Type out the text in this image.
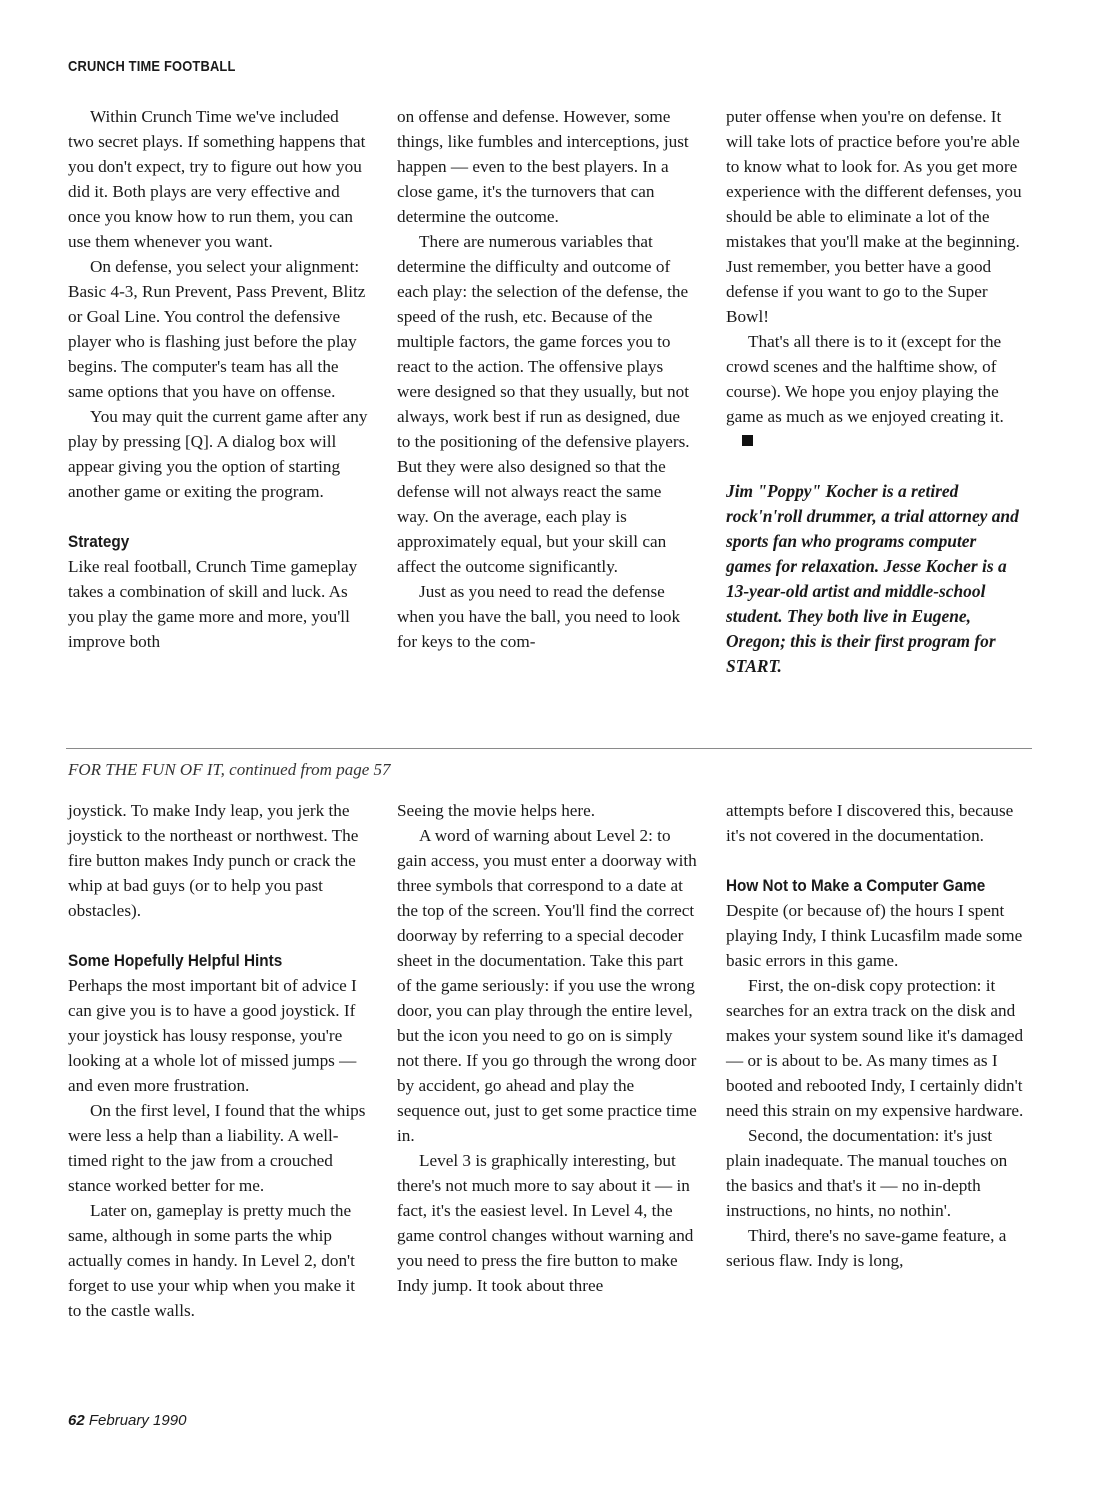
CRUNCH TIME FOOTBALL

Within Crunch Time we've included two secret plays. If something happens that you don't expect, try to figure out how you did it. Both plays are very effective and once you know how to run them, you can use them whenever you want.

On defense, you select your alignment: Basic 4-3, Run Prevent, Pass Prevent, Blitz or Goal Line. You control the defensive player who is flashing just before the play begins. The computer's team has all the same options that you have on offense.

You may quit the current game after any play by pressing [Q]. A dialog box will appear giving you the option of starting another game or exiting the program.

Strategy

Like real football, Crunch Time gameplay takes a combination of skill and luck. As you play the game more and more, you'll improve both

on offense and defense. However, some things, like fumbles and interceptions, just happen — even to the best players. In a close game, it's the turnovers that can determine the outcome.

There are numerous variables that determine the difficulty and outcome of each play: the selection of the defense, the speed of the rush, etc. Because of the multiple factors, the game forces you to react to the action. The offensive plays were designed so that they usually, but not always, work best if run as designed, due to the positioning of the defensive players. But they were also designed so that the defense will not always react the same way. On the average, each play is approximately equal, but your skill can affect the outcome significantly.

Just as you need to read the defense when you have the ball, you need to look for keys to the com-

puter offense when you're on defense. It will take lots of practice before you're able to know what to look for. As you get more experience with the different defenses, you should be able to eliminate a lot of the mistakes that you'll make at the beginning. Just remember, you better have a good defense if you want to go to the Super Bowl!

That's all there is to it (except for the crowd scenes and the halftime show, of course). We hope you enjoy playing the game as much as we enjoyed creating it.

Jim "Poppy" Kocher is a retired rock'n'roll drummer, a trial attorney and sports fan who programs computer games for relaxation. Jesse Kocher is a 13-year-old artist and middle-school student. They both live in Eugene, Oregon; this is their first program for START.

FOR THE FUN OF IT, continued from page 57

joystick. To make Indy leap, you jerk the joystick to the northeast or northwest. The fire button makes Indy punch or crack the whip at bad guys (or to help you past obstacles).

Some Hopefully Helpful Hints

Perhaps the most important bit of advice I can give you is to have a good joystick. If your joystick has lousy response, you're looking at a whole lot of missed jumps — and even more frustration.

On the first level, I found that the whips were less a help than a liability. A well-timed right to the jaw from a crouched stance worked better for me.

Later on, gameplay is pretty much the same, although in some parts the whip actually comes in handy. In Level 2, don't forget to use your whip when you make it to the castle walls.

Seeing the movie helps here.

A word of warning about Level 2: to gain access, you must enter a doorway with three symbols that correspond to a date at the top of the screen. You'll find the correct doorway by referring to a special decoder sheet in the documentation. Take this part of the game seriously: if you use the wrong door, you can play through the entire level, but the icon you need to go on is simply not there. If you go through the wrong door by accident, go ahead and play the sequence out, just to get some practice time in.

Level 3 is graphically interesting, but there's not much more to say about it — in fact, it's the easiest level. In Level 4, the game control changes without warning and you need to press the fire button to make Indy jump. It took about three

attempts before I discovered this, because it's not covered in the documentation.

How Not to Make a Computer Game

Despite (or because of) the hours I spent playing Indy, I think Lucasfilm made some basic errors in this game.

First, the on-disk copy protection: it searches for an extra track on the disk and makes your system sound like it's damaged — or is about to be. As many times as I booted and rebooted Indy, I certainly didn't need this strain on my expensive hardware.

Second, the documentation: it's just plain inadequate. The manual touches on the basics and that's it — no in-depth instructions, no hints, no nothin'.

Third, there's no save-game feature, a serious flaw. Indy is long,

62 February 1990
